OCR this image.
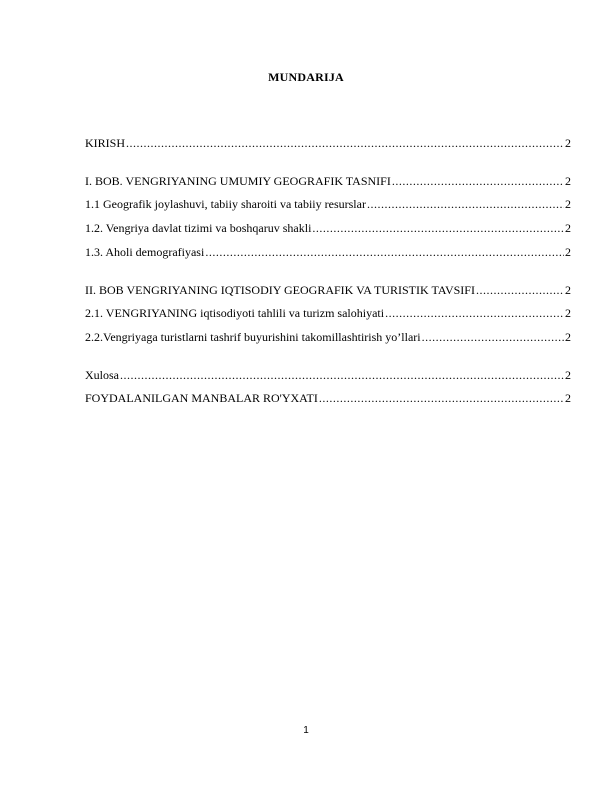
MUNDARIJA
KIRISH .....	2
I. BOB. VENGRIYANING UMUMIY GEOGRAFIK TASNIFI .....	2
1.1 Geografik joylashuvi, tabiiy sharoiti va tabiiy resurslar .....	2
1.2. Vengriya davlat tizimi va boshqaruv shakli .....	2
1.3. Aholi demografiyasi .....	2
II. BOB VENGRIYANING IQTISODIY GEOGRAFIK VA TURISTIK TAVSIFI .....	2
2.1. VENGRIYANING iqtisodiyoti tahlili va turizm salohiyati .....	2
2.2.Vengriyaga turistlarni tashrif buyurishini takomillashtirish yo’llari .....	2
Xulosa .....	2
FOYDALANILGAN MANBALAR RO'YXATI .....	2
1
